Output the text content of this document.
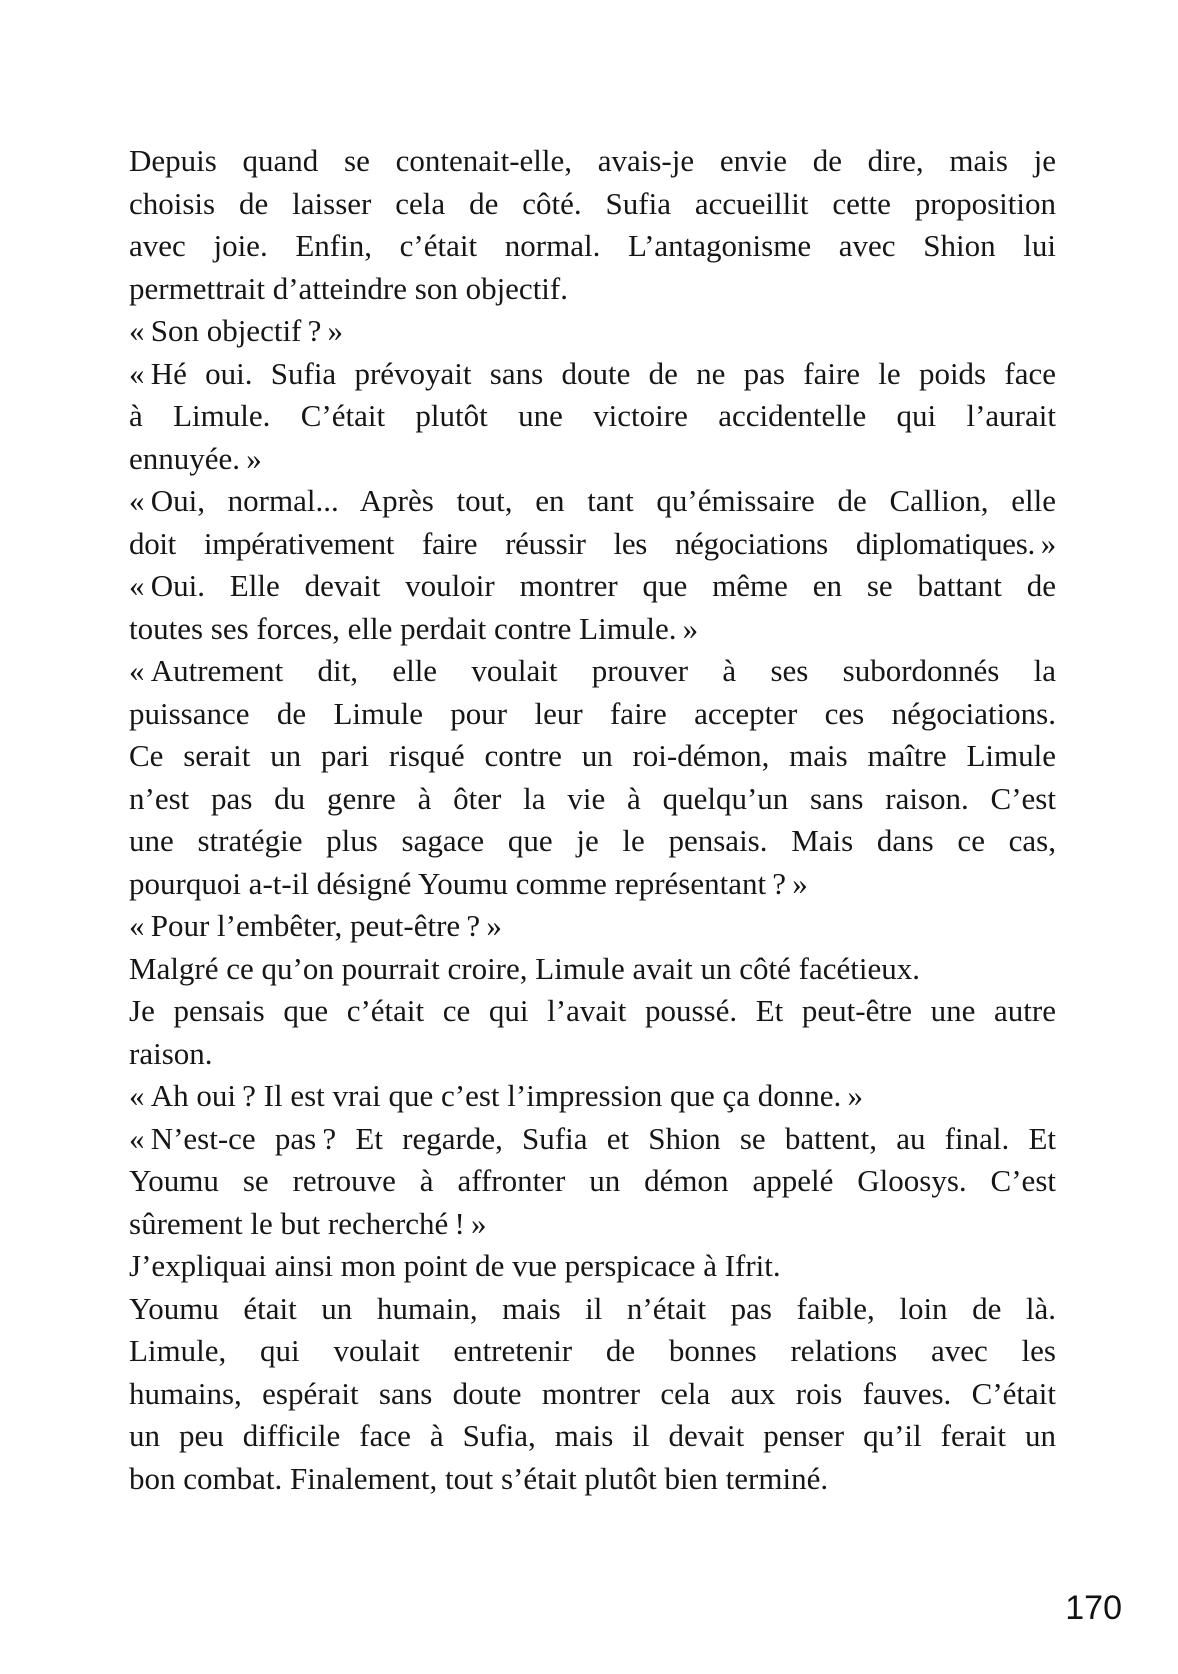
Depuis quand se contenait-elle, avais-je envie de dire, mais je
choisis de laisser cela de côté. Sufia accueillit cette proposition
avec joie. Enfin, c’était normal. L’antagonisme avec Shion lui
permettrait d’atteindre son objectif.
« Son objectif ? »
« Hé oui. Sufia prévoyait sans doute de ne pas faire le poids face
à Limule. C’était plutôt une victoire accidentelle qui l’aurait
ennuyée. »
« Oui, normal... Après tout, en tant qu’émissaire de Callion, elle
doit impérativement faire réussir les négociations diplomatiques. »
« Oui. Elle devait vouloir montrer que même en se battant de
toutes ses forces, elle perdait contre Limule. »
« Autrement dit, elle voulait prouver à ses subordonnés la
puissance de Limule pour leur faire accepter ces négociations.
Ce serait un pari risqué contre un roi-démon, mais maître Limule
n’est pas du genre à ôter la vie à quelqu’un sans raison. C’est
une stratégie plus sagace que je le pensais. Mais dans ce cas,
pourquoi a-t-il désigné Youmu comme représentant ? »
« Pour l’embêter, peut-être ? »
Malgré ce qu’on pourrait croire, Limule avait un côté facétieux.
Je pensais que c’était ce qui l’avait poussé. Et peut-être une autre
raison.
« Ah oui ? Il est vrai que c’est l’impression que ça donne. »
« N’est-ce pas ? Et regarde, Sufia et Shion se battent, au final. Et
Youmu se retrouve à affronter un démon appelé Gloosys. C’est
sûrement le but recherché ! »
J’expliquai ainsi mon point de vue perspicace à Ifrit.
Youmu était un humain, mais il n’était pas faible, loin de là.
Limule, qui voulait entretenir de bonnes relations avec les
humains, espérait sans doute montrer cela aux rois fauves. C’était
un peu difficile face à Sufia, mais il devait penser qu’il ferait un
bon combat. Finalement, tout s’était plutôt bien terminé.
170
